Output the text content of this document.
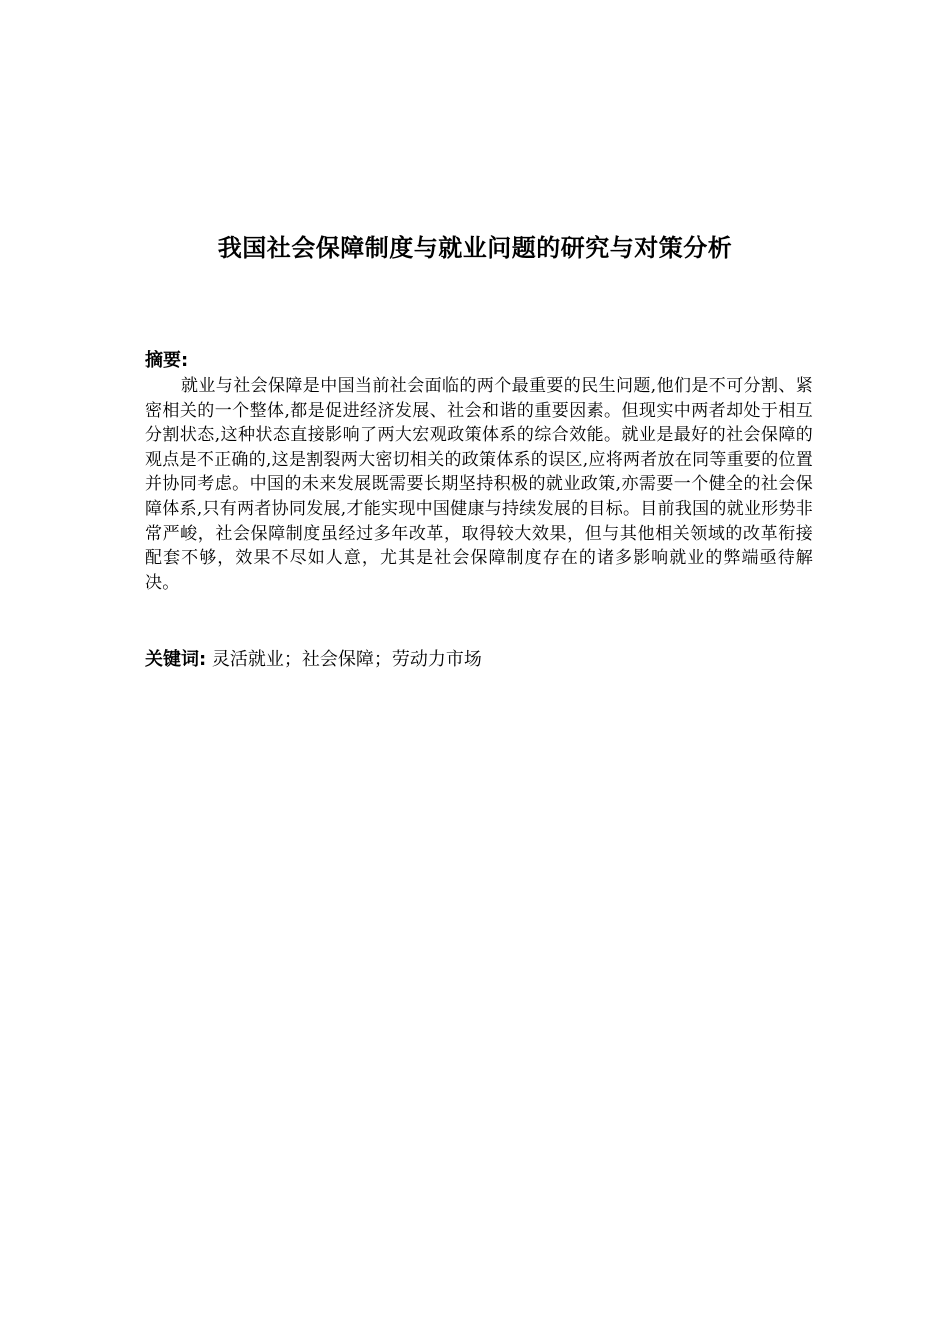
我国社会保障制度与就业问题的研究与对策分析
摘要:

就业与社会保障是中国当前社会面临的两个最重要的民生问题,他们是不可分割、紧密相关的一个整体,都是促进经济发展、社会和谐的重要因素。但现实中两者却处于相互分割状态,这种状态直接影响了两大宏观政策体系的综合效能。就业是最好的社会保障的观点是不正确的,这是割裂两大密切相关的政策体系的误区,应将两者放在同等重要的位置并协同考虑。中国的未来发展既需要长期坚持积极的就业政策,亦需要一个健全的社会保障体系,只有两者协同发展,才能实现中国健康与持续发展的目标。目前我国的就业形势非常严峻，社会保障制度虽经过多年改革，取得较大效果，但与其他相关领域的改革衔接配套不够，效果不尽如人意，尤其是社会保障制度存在的诸多影响就业的弊端亟待解决。

关键词: 灵活就业；社会保障；劳动力市场
